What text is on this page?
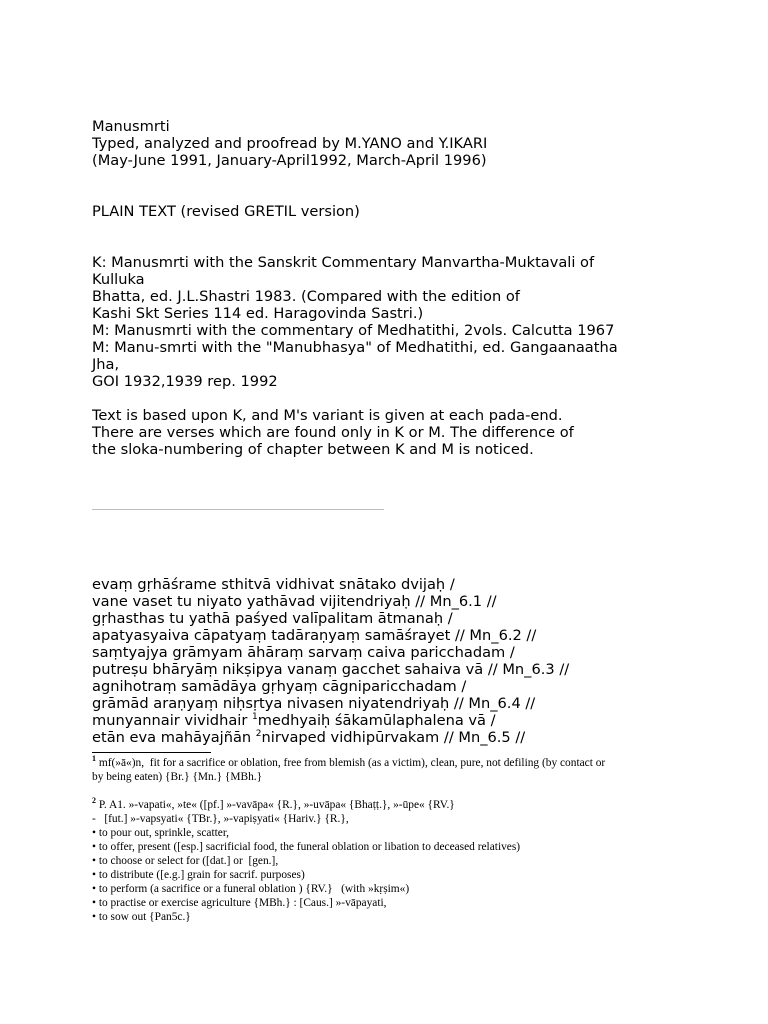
Manusmrti
Typed, analyzed and proofread by M.YANO and Y.IKARI
(May-June 1991, January-April1992, March-April 1996)
PLAIN TEXT (revised GRETIL version)
K: Manusmrti with the Sanskrit Commentary Manvartha-Muktavali of
Kulluka
Bhatta, ed. J.L.Shastri 1983. (Compared with the edition of
Kashi Skt Series 114 ed. Haragovinda Sastri.)
M: Manusmrti with the commentary of Medhatithi, 2vols. Calcutta 1967
M: Manu-smrti with the "Manubhasya" of Medhatithi, ed. Gangaanaatha
Jha,
GOI 1932,1939 rep. 1992
Text is based upon K, and M's variant is given at each pada-end.
There are verses which are found only in K or M. The difference of
the sloka-numbering of chapter between K and M is noticed.
evaṃ gṛhāśrame sthitvā vidhivat snātako dvijaḥ /
vane vaset tu niyato yathāvad vijitendriyaḥ // Mn_6.1 //
gṛhasthas tu yathā paśyed valīpalitam ātmanaḥ /
apatyasyaiva cāpatyaṃ tadāraṇyaṃ samāśrayet // Mn_6.2 //
saṃtyajya grāmyam āhāraṃ sarvaṃ caiva paricchadam /
putreṣu bhāryāṃ nikṣipya vanaṃ gacchet sahaiva vā // Mn_6.3 //
agnihotraṃ samādāya gṛhyaṃ cāgniparicchadam /
grāmād araṇyaṃ niḥsṛtya nivasen niyatendriyaḥ // Mn_6.4 //
munyannair vividhair $^1$medhyaiḥ śākamūlaphalena vā /
etān eva mahāyajñān $^2$nirvaped vidhipūrvakam // Mn_6.5 //
$^1$ mf(»ā«)n,  fit for a sacrifice or oblation, free from blemish (as a victim), clean, pure, not defiling (by contact or
by being eaten) {Br.} {Mn.} {MBh.}
$^2$ P. A1. »-vapati«, »te« ([pf.] »-vavāpa« {R.}, »-uvāpa« {Bhaṭṭ.}, »-ūpe« {RV.}
-   [fut.] »-vapsyati« {TBr.}, »-vapiṣyati« {Hariv.} {R.},
• to pour out, sprinkle, scatter,
• to offer, present ([esp.] sacrificial food, the funeral oblation or libation to deceased relatives)
• to choose or select for ([dat.] or  [gen.],
• to distribute ([e.g.] grain for sacrif. purposes)
• to perform (a sacrifice or a funeral oblation ) {RV.}   (with »kṛṣim«)
• to practise or exercise agriculture {MBh.} : [Caus.] »-vāpayati,
• to sow out {Pan5c.}
